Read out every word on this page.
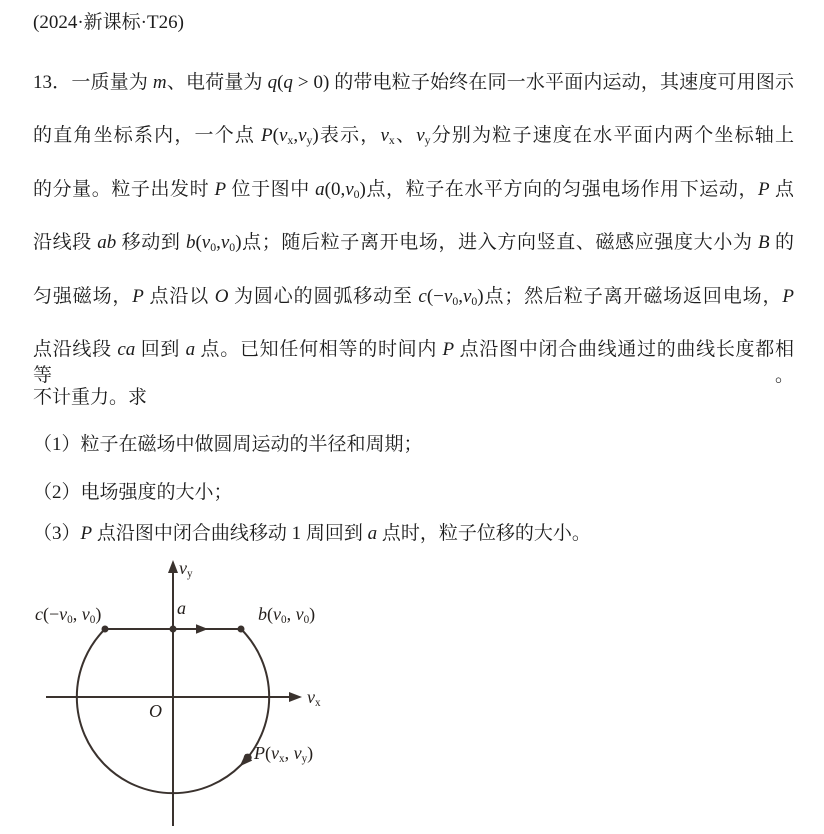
(2024·新课标·T26)
13．一质量为 m、电荷量为 q(q > 0) 的带电粒子始终在同一水平面内运动，其速度可用图示
的直角坐标系内，一个点 $P(v_x,v_y)$表示，$v_x$、$v_y$分别为粒子速度在水平面内两个坐标轴上
的分量。粒子出发时 P 位于图中 $a(0,v_0)$点，粒子在水平方向的匀强电场作用下运动，P 点
沿线段 ab 移动到 $b(v_0,v_0)$点；随后粒子离开电场，进入方向竖直、磁感应强度大小为 B 的
匀强磁场，P 点沿以 O 为圆心的圆弧移动至 $c(-v_0,v_0)$点；然后粒子离开磁场返回电场，P
点沿线段 ca 回到 a 点。已知任何相等的时间内 P 点沿图中闭合曲线通过的曲线长度都相等。
不计重力。求
（1）粒子在磁场中做圆周运动的半径和周期；
（2）电场强度的大小；
（3）P 点沿图中闭合曲线移动 1 周回到 a 点时，粒子位移的大小。
$v_y$
$v_x$
$c(-v_0$, $v_0$)	a	$b(v_0$, $v_0$)
O
$P(v_x$, $v_y$)
